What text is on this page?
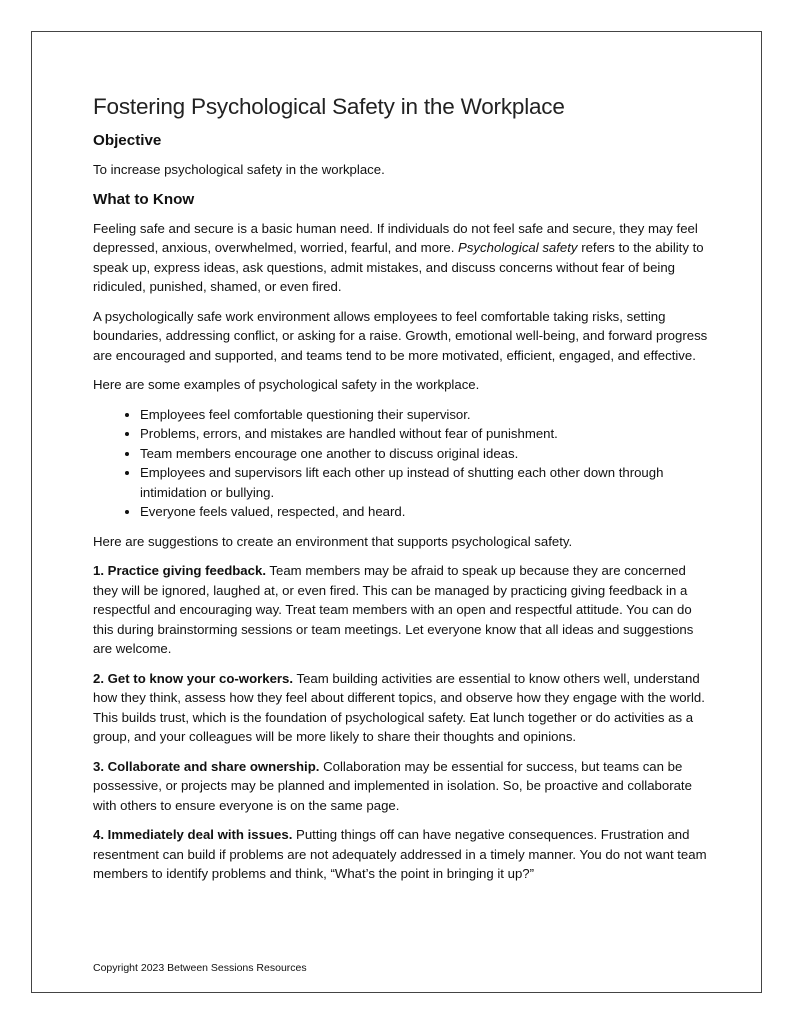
Fostering Psychological Safety in the Workplace
Objective

To increase psychological safety in the workplace.

What to Know

Feeling safe and secure is a basic human need. If individuals do not feel safe and secure, they may feel depressed, anxious, overwhelmed, worried, fearful, and more. Psychological safety refers to the ability to speak up, express ideas, ask questions, admit mistakes, and discuss concerns without fear of being ridiculed, punished, shamed, or even fired.

A psychologically safe work environment allows employees to feel comfortable taking risks, setting boundaries, addressing conflict, or asking for a raise. Growth, emotional well-being, and forward progress are encouraged and supported, and teams tend to be more motivated, efficient, engaged, and effective.

Here are some examples of psychological safety in the workplace.

• Employees feel comfortable questioning their supervisor.
• Problems, errors, and mistakes are handled without fear of punishment.
• Team members encourage one another to discuss original ideas.
• Employees and supervisors lift each other up instead of shutting each other down through intimidation or bullying.
• Everyone feels valued, respected, and heard.

Here are suggestions to create an environment that supports psychological safety.

1. Practice giving feedback. Team members may be afraid to speak up because they are concerned they will be ignored, laughed at, or even fired. This can be managed by practicing giving feedback in a respectful and encouraging way. Treat team members with an open and respectful attitude. You can do this during brainstorming sessions or team meetings. Let everyone know that all ideas and suggestions are welcome.

2. Get to know your co-workers. Team building activities are essential to know others well, understand how they think, assess how they feel about different topics, and observe how they engage with the world. This builds trust, which is the foundation of psychological safety. Eat lunch together or do activities as a group, and your colleagues will be more likely to share their thoughts and opinions.

3. Collaborate and share ownership. Collaboration may be essential for success, but teams can be possessive, or projects may be planned and implemented in isolation. So, be proactive and collaborate with others to ensure everyone is on the same page.

4. Immediately deal with issues. Putting things off can have negative consequences. Frustration and resentment can build if problems are not adequately addressed in a timely manner. You do not want team members to identify problems and think, “What’s the point in bringing it up?”

Copyright 2023 Between Sessions Resources
